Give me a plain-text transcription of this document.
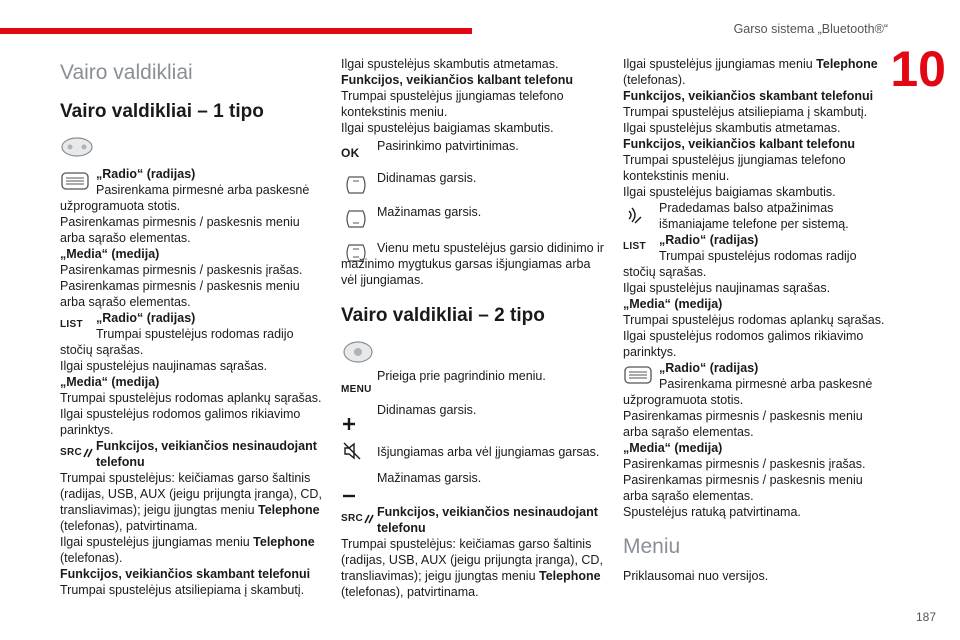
Garso sistema „Bluetooth®“
10
187
Vairo valdikliai
Vairo valdikliai – 1 tipo
„Radio“ (radijas)
Pasirenkama pirmesnė arba paskesnė užprogramuota stotis.
Pasirenkamas pirmesnis / paskesnis meniu arba sąrašo elementas.
„Media“ (medija)
Pasirenkamas pirmesnis / paskesnis įrašas.
Pasirenkamas pirmesnis / paskesnis meniu arba sąrašo elementas.
LIST „Radio“ (radijas)
Trumpai spustelėjus rodomas radijo stočių sąrašas.
Ilgai spustelėjus naujinamas sąrašas.
„Media“ (medija)
Trumpai spustelėjus rodomas aplankų sąrašas.
Ilgai spustelėjus rodomos galimos rikiavimo parinktys.
SRC Funkcijos, veikiančios nesinaudojant telefonu
Trumpai spustelėjus: keičiamas garso šaltinis (radijas, USB, AUX (jeigu prijungta įranga), CD, transliavimas); jeigu įjungtas meniu Telephone (telefonas), patvirtinama.
Ilgai spustelėjus įjungiamas meniu Telephone (telefonas).
Funkcijos, veikiančios skambant telefonui
Trumpai spustelėjus atsiliepiama į skambutį.
Ilgai spustelėjus skambutis atmetamas.
Funkcijos, veikiančios kalbant telefonu
Trumpai spustelėjus įjungiamas telefono kontekstinis meniu.
Ilgai spustelėjus baigiamas skambutis.
OK Pasirinkimo patvirtinimas.
Didinamas garsis.
Mažinamas garsis.
Vienu metu spustelėjus garsio didinimo ir mažinimo mygtukus garsas išjungiamas arba vėl įjungiamas.
Vairo valdikliai – 2 tipo
MENU
Prieiga prie pagrindinio meniu.
Didinamas garsis.
Išjungiamas arba vėl įjungiamas garsas.
Mažinamas garsis.
SRC Funkcijos, veikiančios nesinaudojant telefonu
Trumpai spustelėjus: keičiamas garso šaltinis (radijas, USB, AUX (jeigu prijungta įranga), CD, transliavimas); jeigu įjungtas meniu Telephone (telefonas), patvirtinama.
Ilgai spustelėjus įjungiamas meniu Telephone (telefonas).
Funkcijos, veikiančios skambant telefonui
Trumpai spustelėjus atsiliepiama į skambutį.
Ilgai spustelėjus skambutis atmetamas.
Funkcijos, veikiančios kalbant telefonu
Trumpai spustelėjus įjungiamas telefono kontekstinis meniu.
Ilgai spustelėjus baigiamas skambutis.
Pradedamas balso atpažinimas išmaniajame telefone per sistemą.
LIST „Radio“ (radijas)
Trumpai spustelėjus rodomas radijo stočių sąrašas.
Ilgai spustelėjus naujinamas sąrašas.
„Media“ (medija)
Trumpai spustelėjus rodomas aplankų sąrašas.
Ilgai spustelėjus rodomos galimos rikiavimo parinktys.
„Radio“ (radijas)
Pasirenkama pirmesnė arba paskesnė užprogramuota stotis.
Pasirenkamas pirmesnis / paskesnis meniu arba sąrašo elementas.
„Media“ (medija)
Pasirenkamas pirmesnis / paskesnis įrašas.
Pasirenkamas pirmesnis / paskesnis meniu arba sąrašo elementas.
Spustelėjus ratuką patvirtinama.
Meniu
Priklausomai nuo versijos.
